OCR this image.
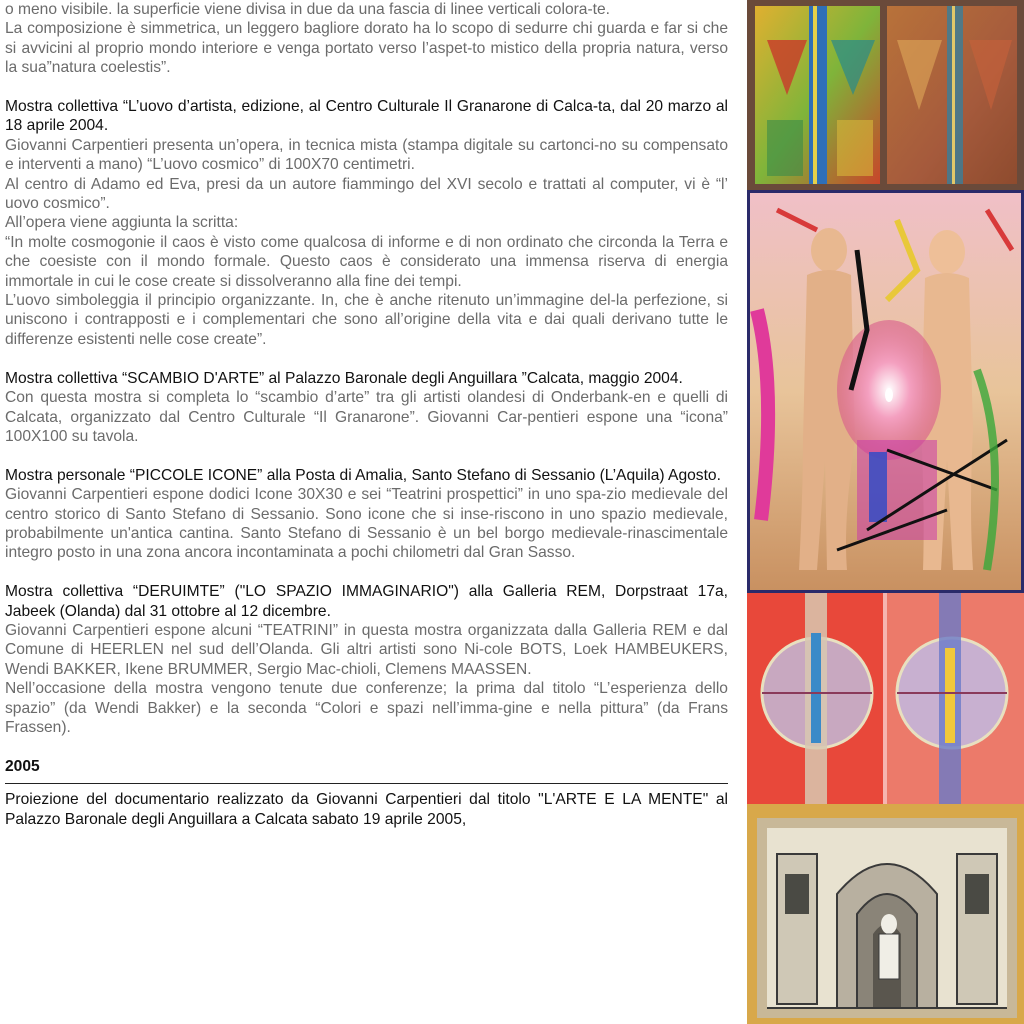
o meno visibile. la superficie viene divisa in due da una fascia di linee verticali colora-te.

La composizione è simmetrica, un leggero bagliore dorato ha lo scopo di sedurre chi guarda e far si che si avvicini al proprio mondo interiore e venga portato verso l’aspet-to mistico della propria natura, verso la sua”natura coelestis”.

Mostra collettiva “L’uovo d’artista, edizione, al Centro Culturale Il Granarone di Calca-ta, dal 20 marzo al 18 aprile 2004.

Giovanni Carpentieri presenta un’opera, in tecnica mista (stampa digitale su cartonci-no su compensato e interventi a mano) “L’uovo cosmico” di 100X70 centimetri.

Al centro di Adamo ed Eva, presi da un autore fiammingo del XVI secolo e trattati al computer, vi è “l’ uovo cosmico”.

All’opera viene aggiunta la scritta:

“In molte cosmogonie il caos è visto come qualcosa di informe e di non ordinato che circonda la Terra e che coesiste con il mondo formale. Questo caos è considerato una immensa riserva di energia immortale in cui le cose create si dissolveranno alla fine dei tempi.

L’uovo simboleggia il principio organizzante. In, che è anche ritenuto un’immagine del-la perfezione, si uniscono i contrapposti e i complementari che sono all’origine della vita e dai quali derivano tutte le differenze esistenti nelle cose create”.

Mostra collettiva “SCAMBIO D'ARTE” al Palazzo Baronale degli Anguillara ”Calcata, maggio 2004.

Con questa mostra si completa lo “scambio d’arte” tra gli artisti olandesi di Onderbank-en e quelli di Calcata, organizzato dal Centro Culturale “Il Granarone”. Giovanni Car-pentieri espone una “icona” 100X100 su tavola.

Mostra personale “PICCOLE ICONE” alla Posta di Amalia, Santo Stefano di Sessanio (L’Aquila) Agosto.

Giovanni Carpentieri espone dodici Icone 30X30 e sei “Teatrini prospettici” in uno spa-zio medievale del centro storico di Santo Stefano di Sessanio. Sono icone che si inse-riscono in uno spazio medievale, probabilmente un'antica cantina. Santo Stefano di Sessanio è un bel borgo medievale-rinascimentale integro posto in una zona ancora incontaminata a pochi chilometri dal Gran Sasso.

Mostra collettiva “DERUIMTE” ("LO SPAZIO IMMAGINARIO") alla Galleria REM, Dorpstraat 17a, Jabeek (Olanda) dal 31 ottobre al 12 dicembre.

Giovanni Carpentieri espone alcuni “TEATRINI” in questa mostra organizzata dalla Galleria REM e dal Comune di HEERLEN nel sud dell’Olanda. Gli altri artisti sono Ni-cole BOTS, Loek HAMBEUKERS, Wendi BAKKER, Ikene BRUMMER, Sergio Mac-chioli, Clemens MAASSEN.

Nell’occasione della mostra vengono tenute due conferenze; la prima dal titolo “L’esperienza dello spazio” (da Wendi Bakker) e la seconda “Colori e spazi nell’imma-gine e nella pittura” (da Frans Frassen).

2005

Proiezione del documentario realizzato da Giovanni Carpentieri dal titolo "L'ARTE E LA MENTE" al Palazzo Baronale degli Anguillara a Calcata sabato 19 aprile 2005,
